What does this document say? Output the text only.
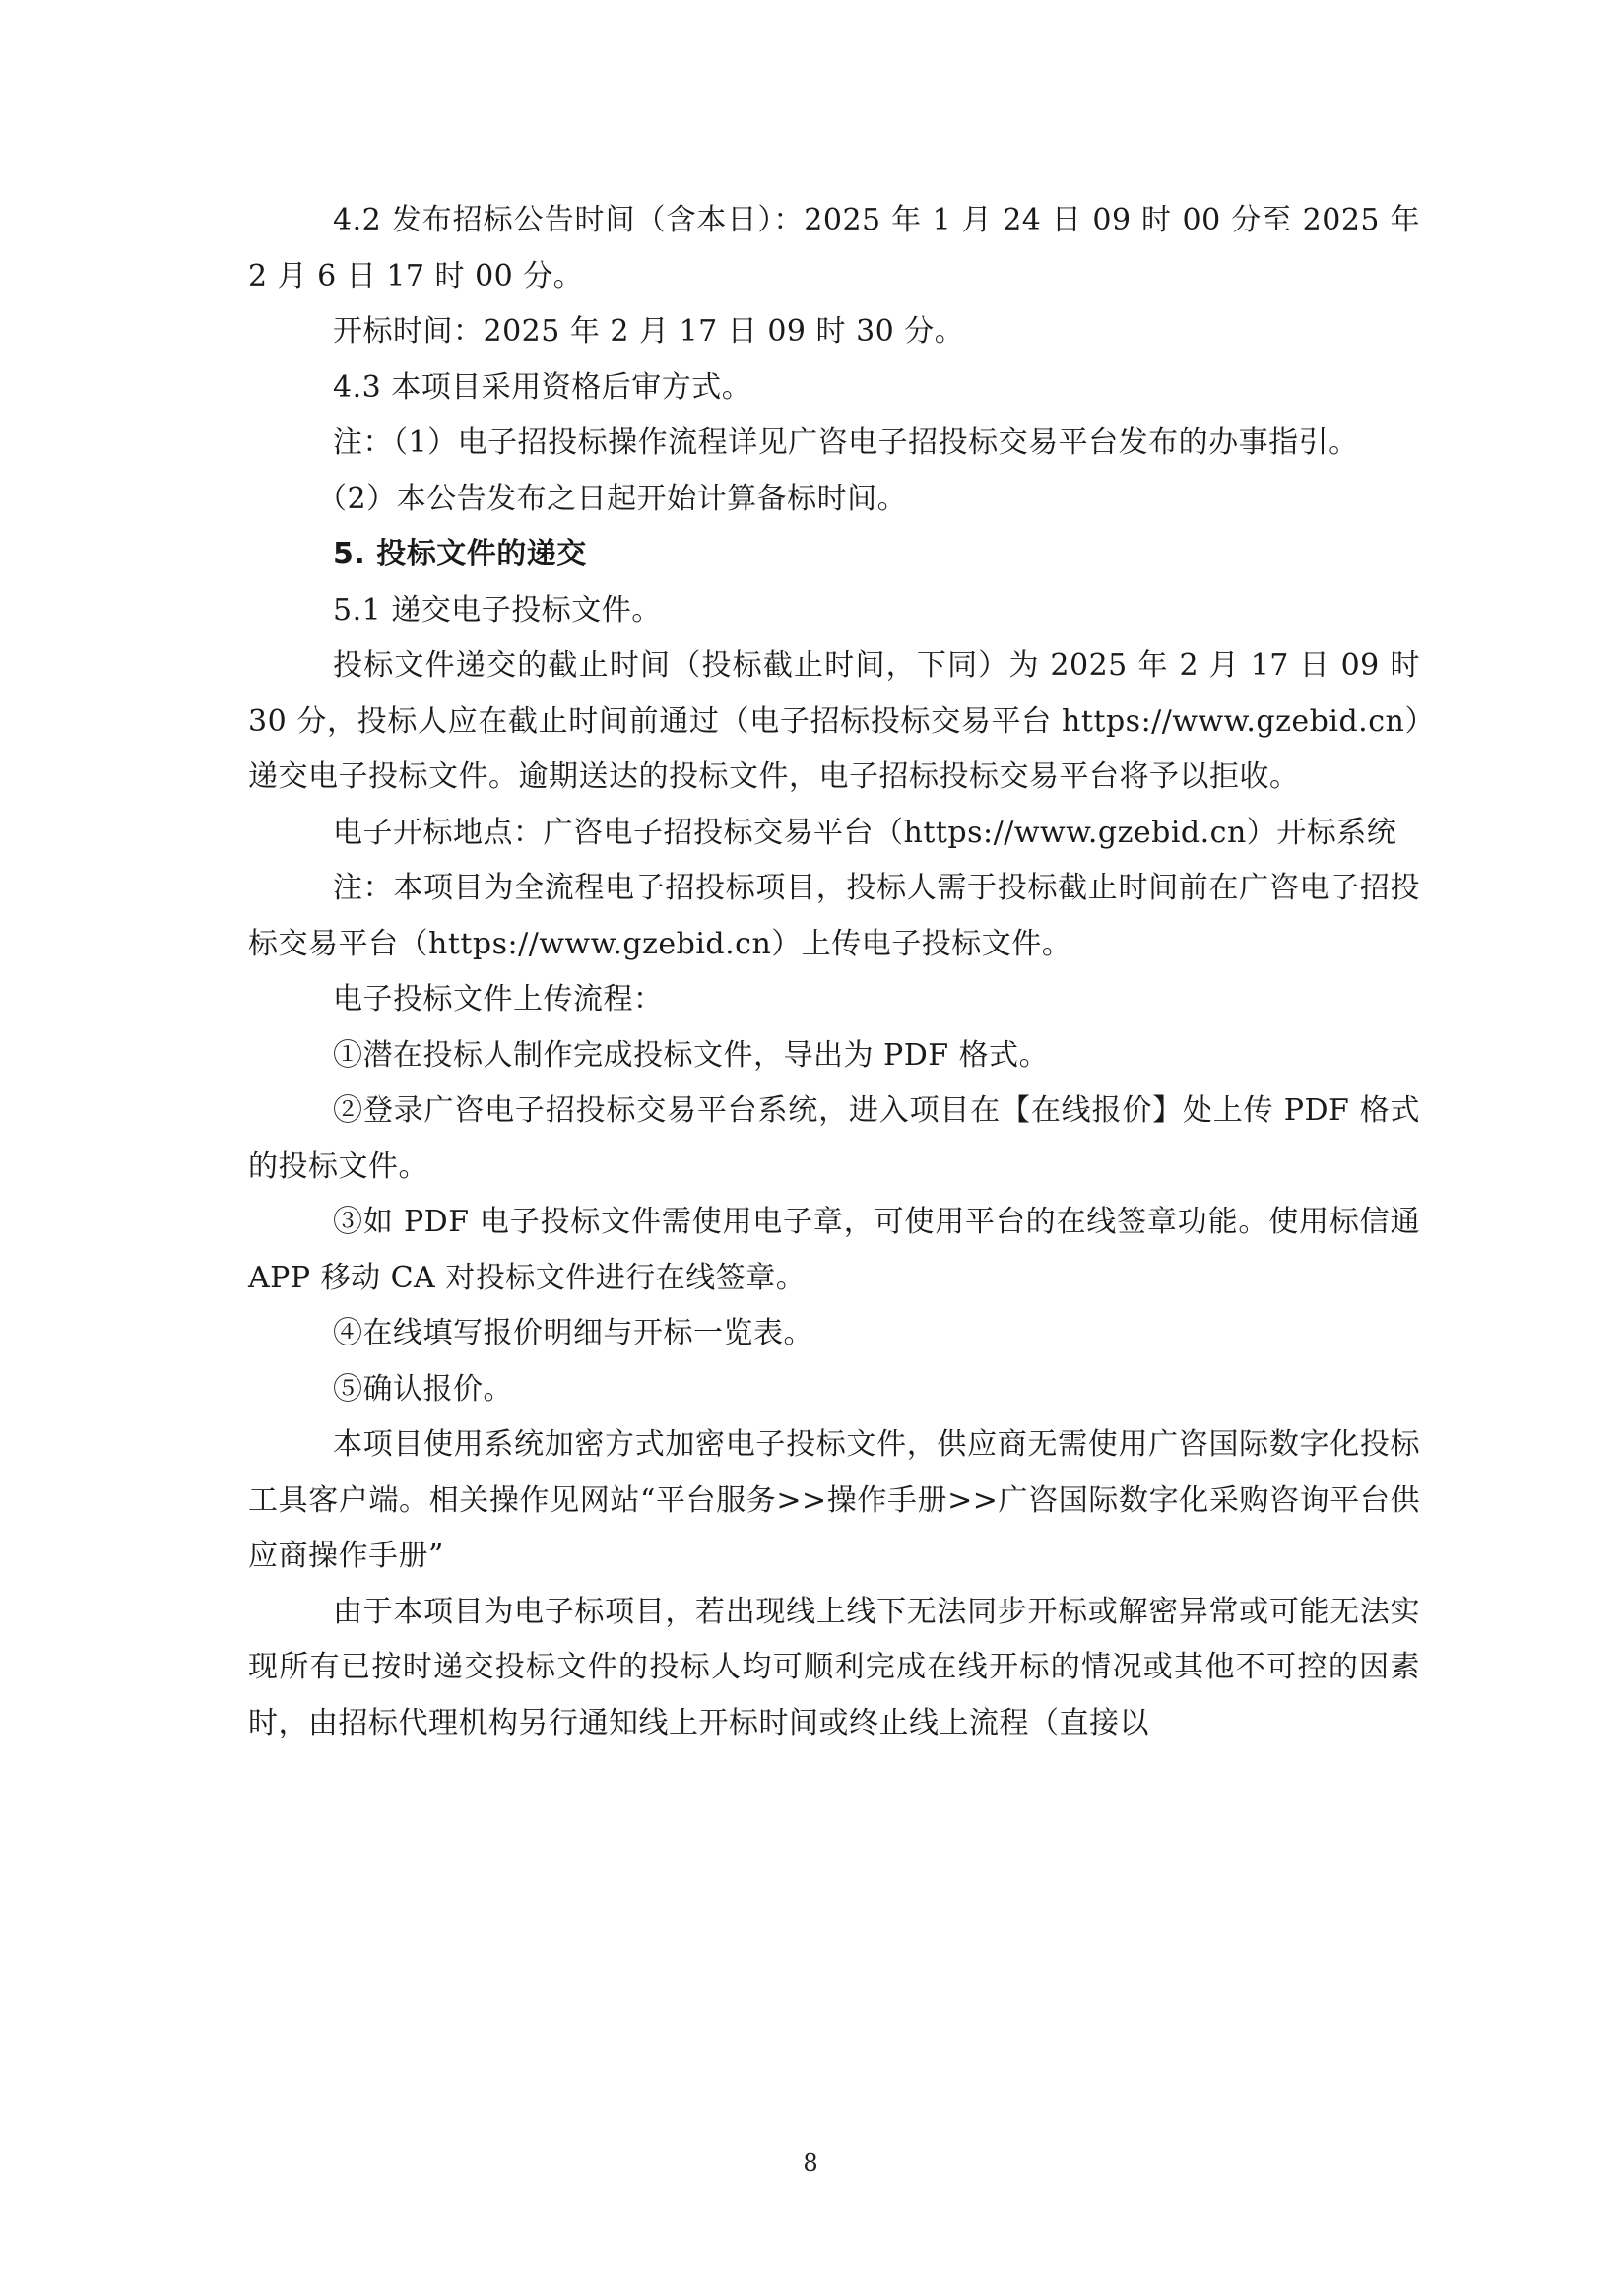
4.2 发布招标公告时间（含本日）：2025 年 1 月 24 日 09 时 00 分至 2025 年 2 月 6 日 17 时 00 分。

开标时间：2025 年 2 月 17 日 09 时 30 分。

4.3 本项目采用资格后审方式。

注：（1）电子招投标操作流程详见广咨电子招投标交易平台发布的办事指引。

（2）本公告发布之日起开始计算备标时间。

5. 投标文件的递交

5.1 递交电子投标文件。

投标文件递交的截止时间（投标截止时间，下同）为 2025 年 2 月 17 日 09 时 30 分，投标人应在截止时间前通过（电子招标投标交易平台 https://www.gzebid.cn）递交电子投标文件。逾期送达的投标文件，电子招标投标交易平台将予以拒收。

电子开标地点：广咨电子招投标交易平台（https://www.gzebid.cn）开标系统

注：本项目为全流程电子招投标项目，投标人需于投标截止时间前在广咨电子招投标交易平台（https://www.gzebid.cn）上传电子投标文件。

电子投标文件上传流程：

①潜在投标人制作完成投标文件，导出为 PDF 格式。

②登录广咨电子招投标交易平台系统，进入项目在【在线报价】处上传 PDF 格式的投标文件。

③如 PDF 电子投标文件需使用电子章，可使用平台的在线签章功能。使用标信通 APP 移动 CA 对投标文件进行在线签章。

④在线填写报价明细与开标一览表。

⑤确认报价。

本项目使用系统加密方式加密电子投标文件，供应商无需使用广咨国际数字化投标工具客户端。相关操作见网站“平台服务>>操作手册>>广咨国际数字化采购咨询平台供应商操作手册”

由于本项目为电子标项目，若出现线上线下无法同步开标或解密异常或可能无法实现所有已按时递交投标文件的投标人均可顺利完成在线开标的情况或其他不可控的因素时，由招标代理机构另行通知线上开标时间或终止线上流程（直接以

8
